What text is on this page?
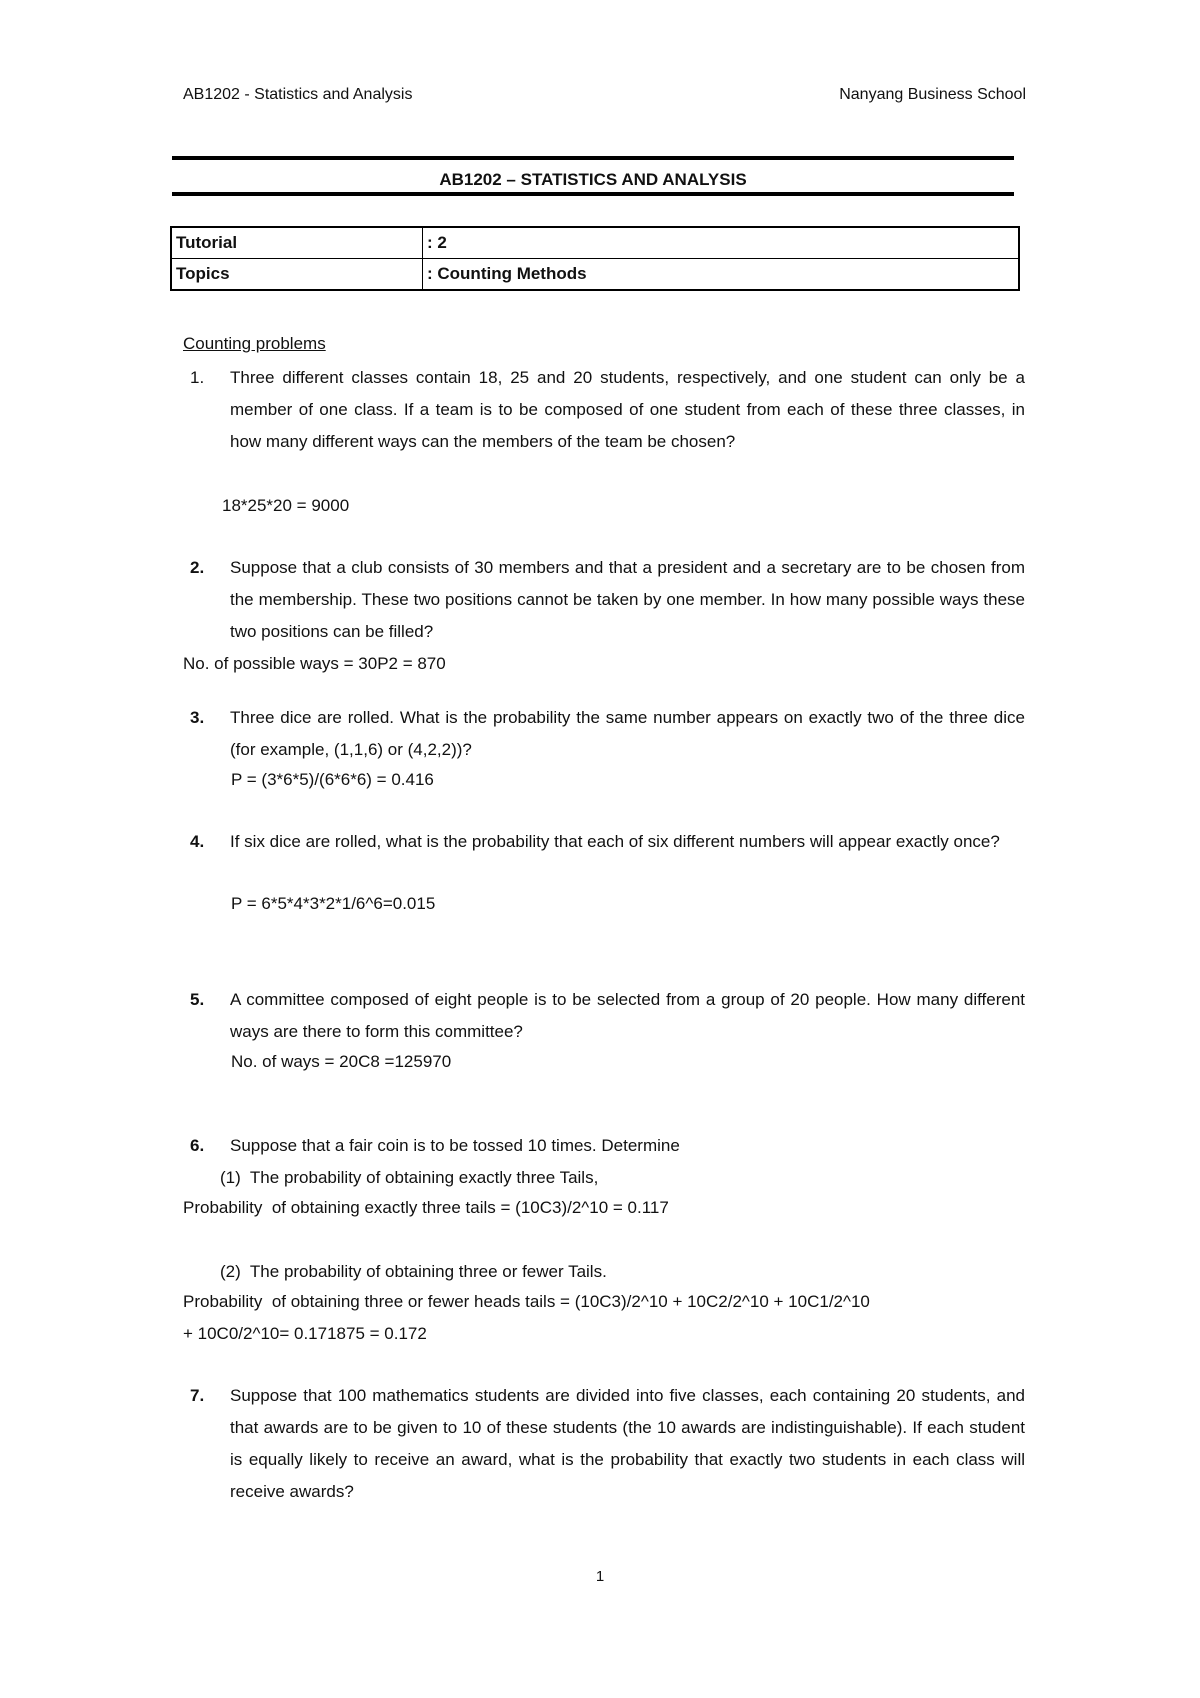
AB1202 - Statistics and Analysis	Nanyang Business School
AB1202 – STATISTICS AND ANALYSIS
Tutorial	: 2
Topics	: Counting Methods
Counting problems
1. Three different classes contain 18, 25 and 20 students, respectively, and one student can only be a member of one class. If a team is to be composed of one student from each of these three classes, in how many different ways can the members of the team be chosen?
18*25*20 = 9000
2. Suppose that a club consists of 30 members and that a president and a secretary are to be chosen from the membership. These two positions cannot be taken by one member. In how many possible ways these two positions can be filled?
No. of possible ways = 30P2 = 870
3. Three dice are rolled. What is the probability the same number appears on exactly two of the three dice (for example, (1,1,6) or (4,2,2))?
P = (3*6*5)/(6*6*6) = 0.416
4. If six dice are rolled, what is the probability that each of six different numbers will appear exactly once?
P = 6*5*4*3*2*1/6^6=0.015
5. A committee composed of eight people is to be selected from a group of 20 people. How many different ways are there to form this committee?
No. of ways = 20C8 =125970
6. Suppose that a fair coin is to be tossed 10 times. Determine
(1) The probability of obtaining exactly three Tails,
Probability  of obtaining exactly three tails = (10C3)/2^10 = 0.117
(2) The probability of obtaining three or fewer Tails.
Probability  of obtaining three or fewer heads tails = (10C3)/2^10 + 10C2/2^10 + 10C1/2^10
+ 10C0/2^10= 0.171875 = 0.172
7. Suppose that 100 mathematics students are divided into five classes, each containing 20 students, and that awards are to be given to 10 of these students (the 10 awards are indistinguishable). If each student is equally likely to receive an award, what is the probability that exactly two students in each class will receive awards?
1
